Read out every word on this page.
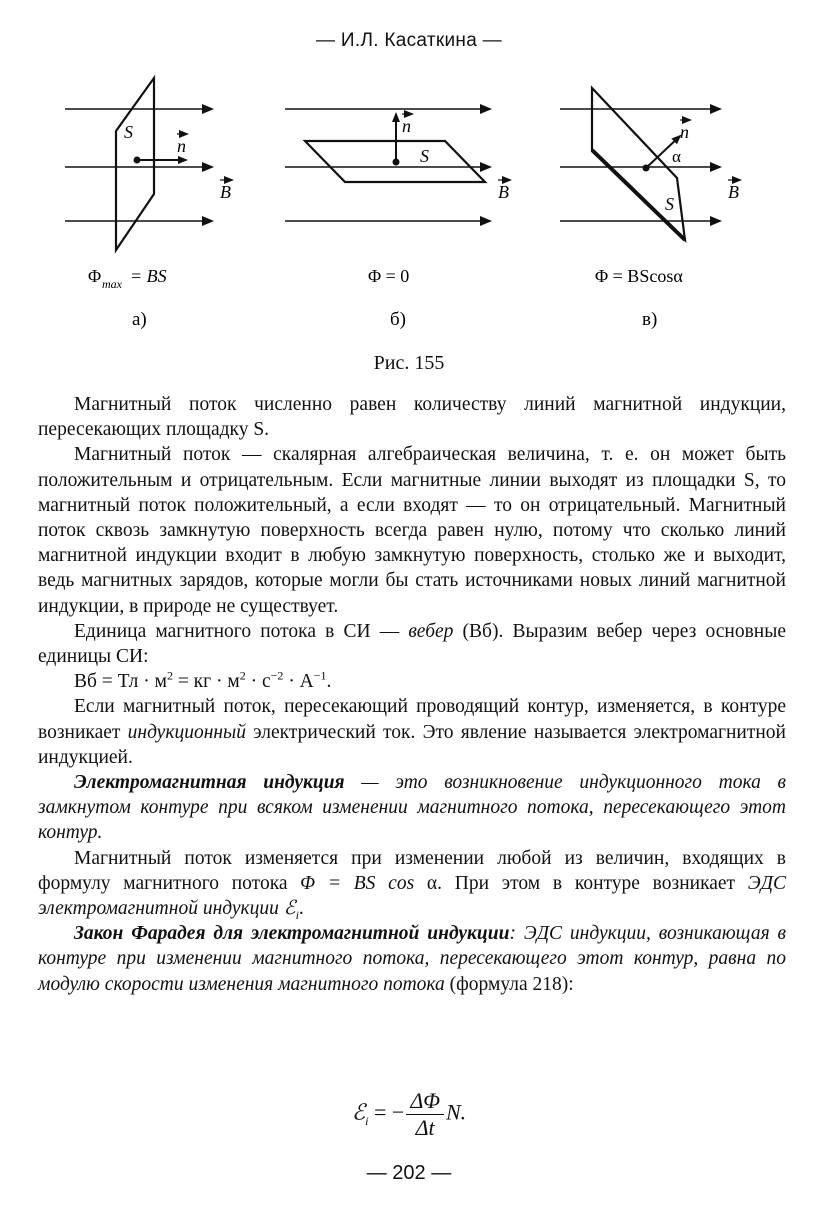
— И.Л. Касаткина —
S
n
B
Φ max = BS
а)
n
S
B
Φ = 0
б)
n
α
S
B
Φ = BScosα
в)
Рис. 155

Магнитный поток численно равен количеству линий магнитной индукции, пересекающих площадку S.

Магнитный поток — скалярная алгебраическая величина, т. е. он может быть положительным и отрицательным. Если магнитные линии выходят из площадки S, то магнитный поток положительный, а если входят — то он отрицательный. Магнитный поток сквозь замкнутую поверхность всегда равен нулю, потому что сколько линий магнитной индукции входит в любую замкнутую поверхность, столько же и выходит, ведь магнитных зарядов, которые могли бы стать источниками новых линий магнитной индукции, в природе не существует.

Единица магнитного потока в СИ — вебер (Вб). Выразим вебер через основные единицы СИ:

Вб = Тл · $м^2$ = кг · $м^2 \cdot с^{-2} \cdot А^{-1}$.

Если магнитный поток, пересекающий проводящий контур, изменяется, в контуре возникает индукционный электрический ток. Это явление называется электромагнитной индукцией.

Электромагнитная индукция — это возникновение индукционного тока в замкнутом контуре при всяком изменении магнитного потока, пересекающего этот контур.

Магнитный поток изменяется при изменении любой из величин, входящих в формулу магнитного потока Φ = BS cos α. При этом в контуре возникает ЭДС электромагнитной индукции ℰ$_i$.

Закон Фарадея для электромагнитной индукции: ЭДС индукции, возникающая в контуре при изменении магнитного потока, пересекающего этот контур, равна по модулю скорости изменения магнитного потока (формула 218):

ℰ$_i$ = − $\frac{\Delta\Phi}{\Delta t} N$.
— 202 —
